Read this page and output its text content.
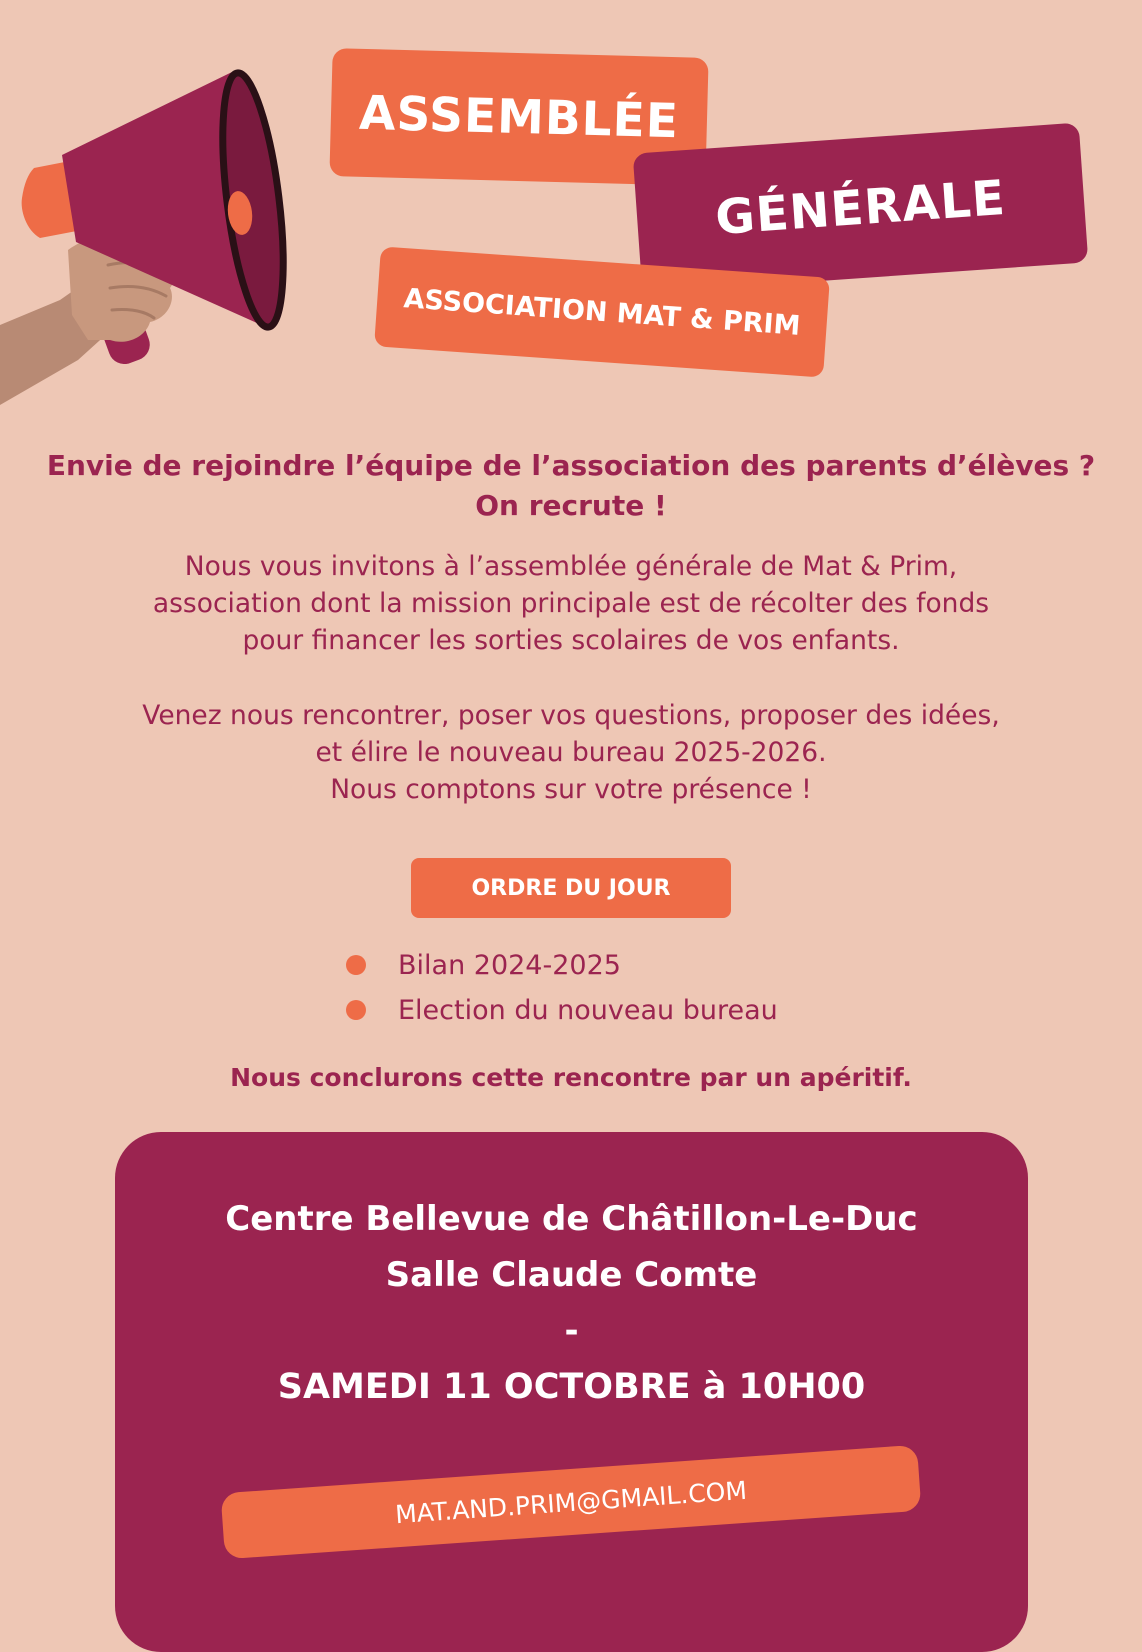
ASSEMBLÉE
GÉNÉRALE
ASSOCIATION MAT & PRIM
Envie de rejoindre l’équipe de l’association des parents d’élèves ?
On recrute !
Nous vous invitons à l’assemblée générale de Mat & Prim,
association dont la mission principale est de récolter des fonds
pour financer les sorties scolaires de vos enfants.
Venez nous rencontrer, poser vos questions, proposer des idées,
et élire le nouveau bureau 2025-2026.
Nous comptons sur votre présence !
ORDRE DU JOUR
Bilan 2024-2025
Election du nouveau bureau
Nous conclurons cette rencontre par un apéritif.
Centre Bellevue de Châtillon-Le-Duc
Salle Claude Comte
-
SAMEDI 11 OCTOBRE à 10H00
MAT.AND.PRIM@GMAIL.COM
